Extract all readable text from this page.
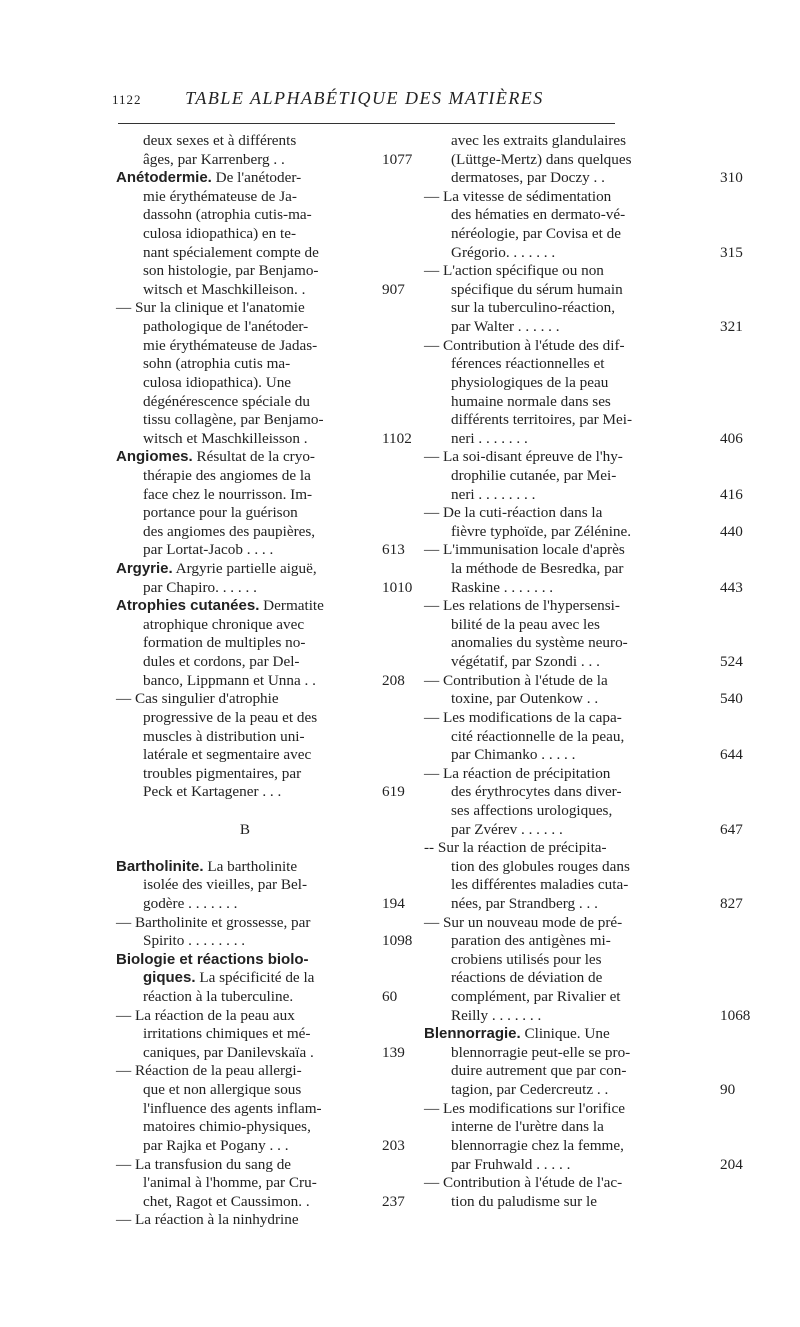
1122	TABLE ALPHABÉTIQUE DES MATIÈRES
deux sexes et à différents
âges, par Karrenberg . .	1077
Anétodermie. De l'anétoder-
mie érythémateuse de Ja-
dassohn (atrophia cutis-ma-
culosa idiopathica) en te-
nant spécialement compte de
son histologie, par Benjamo-
witsch et Maschkilleison. .	907
— Sur la clinique et l'anatomie
pathologique de l'anétoder-
mie érythémateuse de Jadas-
sohn (atrophia cutis ma-
culosa idiopathica). Une
dégénérescence spéciale du
tissu collagène, par Benjamo-
witsch et Maschkilleisson .	1102
Angiomes. Résultat de la cryo-
thérapie des angiomes de la
face chez le nourrisson. Im-
portance pour la guérison
des angiomes des paupières,
par Lortat-Jacob . . . .	613
Argyrie. Argyrie partielle aiguë,
par Chapiro. . . . . .	1010
Atrophies cutanées. Dermatite
atrophique chronique avec
formation de multiples no-
dules et cordons, par Del-
banco, Lippmann et Unna . .	208
— Cas singulier d'atrophie
progressive de la peau et des
muscles à distribution uni-
latérale et segmentaire avec
troubles pigmentaires, par
Peck et Kartagener . . .	619
B
Bartholinite. La bartholinite
isolée des vieilles, par Bel-
godère . . . . . . .	194
— Bartholinite et grossesse, par
Spirito . . . . . . . .	1098
Biologie et réactions biolo-
giques. La spécificité de la
réaction à la tuberculine.	60
— La réaction de la peau aux
irritations chimiques et mé-
caniques, par Danilevskaïa .	139
— Réaction de la peau allergi-
que et non allergique sous
l'influence des agents inflam-
matoires chimio-physiques,
par Rajka et Pogany . . .	203
— La transfusion du sang de
l'animal à l'homme, par Cru-
chet, Ragot et Caussimon. .	237
— La réaction à la ninhydrine
avec les extraits glandulaires
(Lüttge-Mertz) dans quelques
dermatoses, par Doczy . .	310
— La vitesse de sédimentation
des hématies en dermato-vé-
néréologie, par Covisa et de
Grégorio. . . . . . .	315
— L'action spécifique ou non
spécifique du sérum humain
sur la tuberculino-réaction,
par Walter . . . . . .	321
— Contribution à l'étude des dif-
férences réactionnelles et
physiologiques de la peau
humaine normale dans ses
différents territoires, par Mei-
neri . . . . . . .	406
— La soi-disant épreuve de l'hy-
drophilie cutanée, par Mei-
neri . . . . . . . .	416
— De la cuti-réaction dans la
fièvre typhoïde, par Zélénine.	440
— L'immunisation locale d'après
la méthode de Besredka, par
Raskine . . . . . . .	443
— Les relations de l'hypersensi-
bilité de la peau avec les
anomalies du système neuro-
végétatif, par Szondi . . .	524
— Contribution à l'étude de la
toxine, par Outenkow . .	540
— Les modifications de la capa-
cité réactionnelle de la peau,
par Chimanko . . . . .	644
— La réaction de précipitation
des érythrocytes dans diver-
ses affections urologiques,
par Zvérev . . . . . .	647
-- Sur la réaction de précipita-
tion des globules rouges dans
les différentes maladies cuta-
nées, par Strandberg . . .	827
— Sur un nouveau mode de pré-
paration des antigènes mi-
crobiens utilisés pour les
réactions de déviation de
complément, par Rivalier et
Reilly . . . . . . .	1068
Blennorragie. Clinique. Une
blennorragie peut-elle se pro-
duire autrement que par con-
tagion, par Cedercreutz . .	90
— Les modifications sur l'orifice
interne de l'urètre dans la
blennorragie chez la femme,
par Fruhwald . . . . .	204
— Contribution à l'étude de l'ac-
tion du paludisme sur le
